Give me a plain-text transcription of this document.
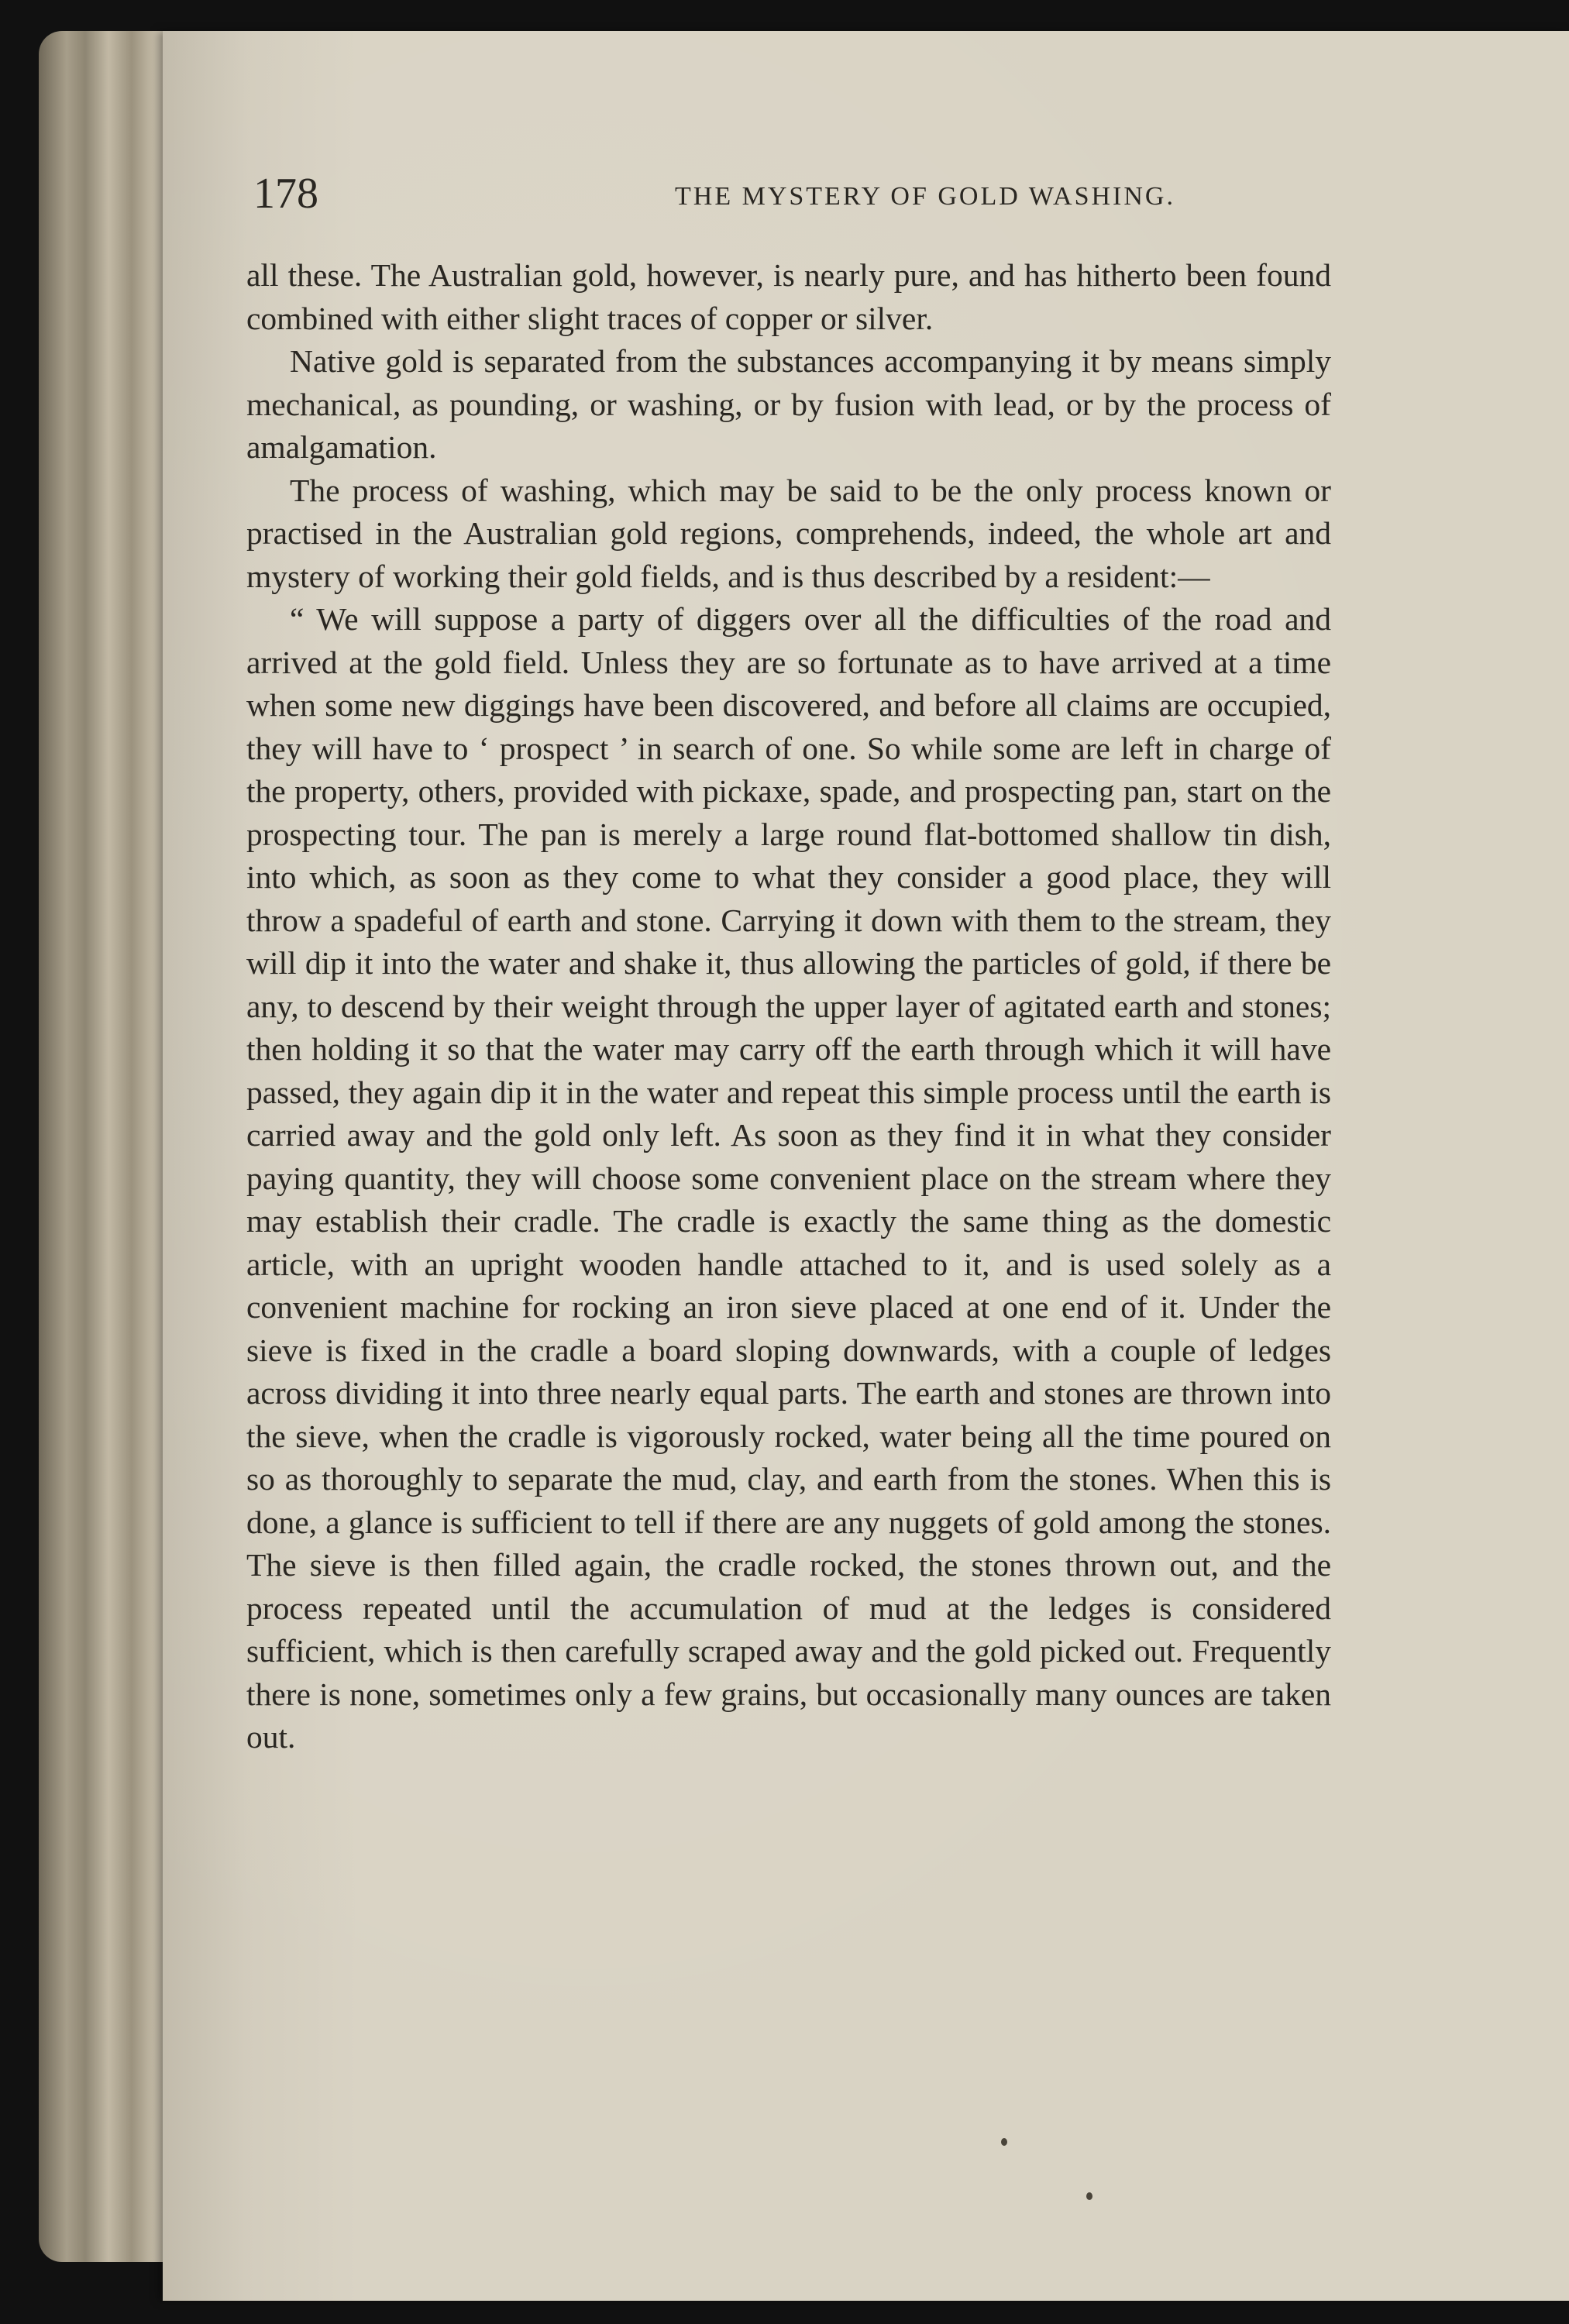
178	THE MYSTERY OF GOLD WASHING.

all these. The Australian gold, however, is nearly pure, and has hitherto been found combined with either slight traces of copper or silver.

Native gold is separated from the substances accompanying it by means simply mechanical, as pounding, or washing, or by fusion with lead, or by the process of amalgamation.

The process of washing, which may be said to be the only process known or practised in the Australian gold regions, comprehends, indeed, the whole art and mystery of working their gold fields, and is thus described by a resident:—

“ We will suppose a party of diggers over all the difficulties of the road and arrived at the gold field. Unless they are so fortunate as to have arrived at a time when some new diggings have been discovered, and before all claims are occupied, they will have to ‘ prospect ’ in search of one. So while some are left in charge of the property, others, provided with pickaxe, spade, and prospecting pan, start on the prospecting tour. The pan is merely a large round flat-bottomed shallow tin dish, into which, as soon as they come to what they consider a good place, they will throw a spadeful of earth and stone. Carrying it down with them to the stream, they will dip it into the water and shake it, thus allowing the particles of gold, if there be any, to descend by their weight through the upper layer of agitated earth and stones; then holding it so that the water may carry off the earth through which it will have passed, they again dip it in the water and repeat this simple process until the earth is carried away and the gold only left. As soon as they find it in what they consider paying quantity, they will choose some convenient place on the stream where they may establish their cradle. The cradle is exactly the same thing as the domestic article, with an upright wooden handle attached to it, and is used solely as a convenient machine for rocking an iron sieve placed at one end of it. Under the sieve is fixed in the cradle a board sloping downwards, with a couple of ledges across dividing it into three nearly equal parts. The earth and stones are thrown into the sieve, when the cradle is vigorously rocked, water being all the time poured on so as thoroughly to separate the mud, clay, and earth from the stones. When this is done, a glance is sufficient to tell if there are any nuggets of gold among the stones. The sieve is then filled again, the cradle rocked, the stones thrown out, and the process repeated until the accumulation of mud at the ledges is considered sufficient, which is then carefully scraped away and the gold picked out. Frequently there is none, sometimes only a few grains, but occasionally many ounces are taken out.
